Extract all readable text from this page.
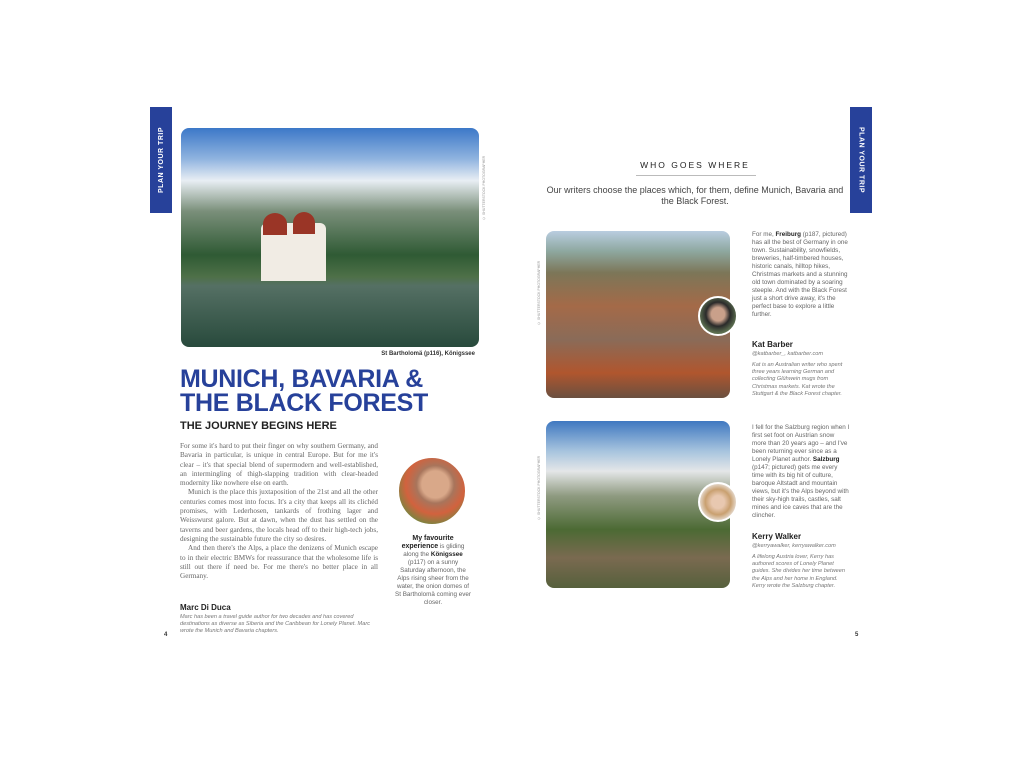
PLAN YOUR TRIP	© SHUTTERSTOCK PHOTOGRAPHER
St Bartholomä (p116), Königssee
MUNICH, BAVARIA &
THE BLACK FOREST
THE JOURNEY BEGINS HERE

For some it's hard to put their finger on why southern Germany, and Bavaria in particular, is unique in central Europe. But for me it's clear – it's that special blend of supermodern and well-established, an intermingling of thigh-slapping tradition with clear-headed modernity like nowhere else on earth.

Munich is the place this juxtaposition of the 21st and all the other centuries comes most into focus. It's a city that keeps all its clichéd promises, with Lederhosen, tankards of frothing lager and Weisswurst galore. But at dawn, when the dust has settled on the taverns and beer gardens, the locals head off to their high-tech jobs, designing the sustainable future the city so desires.

And then there's the Alps, a place the denizens of Munich escape to in their electric BMWs for reassurance that the wholesome life is still out there if need be. For me there's no better place in all Germany.

Marc Di Duca
Marc has been a travel guide author for two decades and has covered destinations as diverse as Siberia and the Caribbean for Lonely Planet. Marc wrote the Munich and Bavaria chapters.
4
My favourite experience is gliding along the Königssee (p117) on a sunny Saturday afternoon, the Alps rising sheer from the water, the onion domes of St Bartholomä coming ever closer.
PLAN YOUR TRIP
WHO GOES WHERE
Our writers choose the places which, for them, define Munich, Bavaria and the Black Forest.
© SHUTTERSTOCK PHOTOGRAPHER
For me, Freiburg (p187, pictured) has all the best of Germany in one town. Sustainability, snowfields, breweries, half-timbered houses, historic canals, hilltop hikes, Christmas markets and a stunning old town dominated by a soaring steeple. And with the Black Forest just a short drive away, it's the perfect base to explore a little further.
Kat Barber
@katbarber_, katbarber.com
Kat is an Australian writer who spent three years learning German and collecting Glühwein mugs from Christmas markets. Kat wrote the Stuttgart & the Black Forest chapter.
© SHUTTERSTOCK PHOTOGRAPHER
I fell for the Salzburg region when I first set foot on Austrian snow more than 20 years ago – and I've been returning ever since as a Lonely Planet author. Salzburg (p147; pictured) gets me every time with its big hit of culture, baroque Altstadt and mountain views, but it's the Alps beyond with their sky-high trails, castles, salt mines and ice caves that are the clincher.
Kerry Walker
@kerryawalker, kerryawalker.com
A lifelong Austria lover, Kerry has authored scores of Lonely Planet guides. She divides her time between the Alps and her home in England. Kerry wrote the Salzburg chapter.
5
